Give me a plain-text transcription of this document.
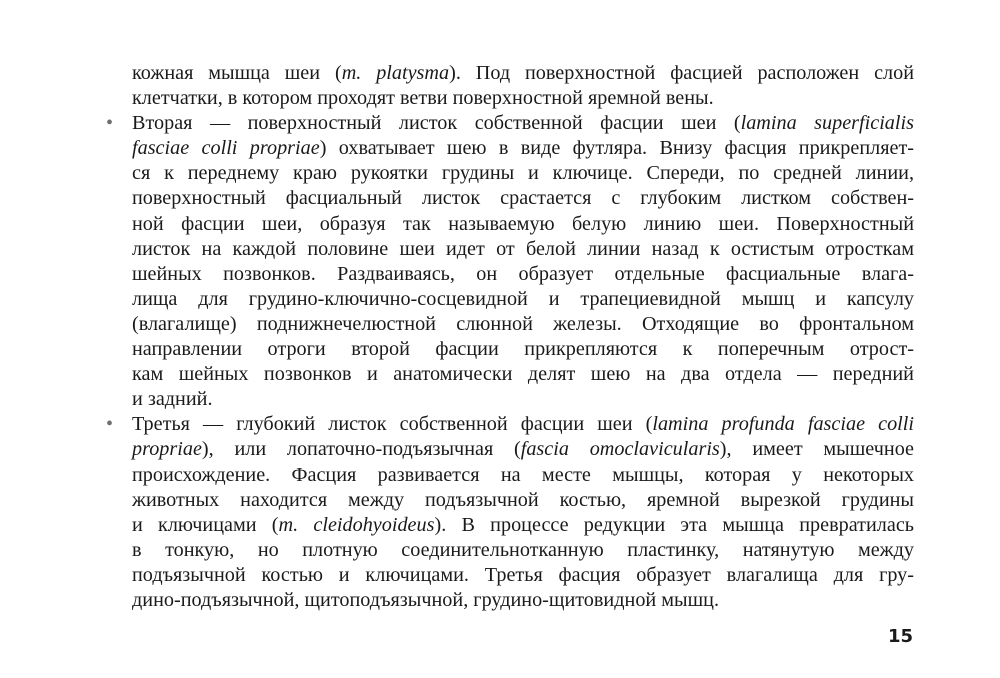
кожная мышца шеи (m. platysma). Под поверхностной фасцией расположен слой
клетчатки, в котором проходят ветви поверхностной яремной вены.
• Вторая — поверхностный листок собственной фасции шеи (lamina superficialis
fasciae colli propriae) охватывает шею в виде футляра. Внизу фасция прикрепляет-
ся к переднему краю рукоятки грудины и ключице. Спереди, по средней линии,
поверхностный фасциальный листок срастается с глубоким листком собствен-
ной фасции шеи, образуя так называемую белую линию шеи. Поверхностный
листок на каждой половине шеи идет от белой линии назад к остистым отросткам
шейных позвонков. Раздваиваясь, он образует отдельные фасциальные влага-
лища для грудино-ключично-сосцевидной и трапециевидной мышц и капсулу
(влагалище) поднижнечелюстной слюнной железы. Отходящие во фронтальном
направлении отроги второй фасции прикрепляются к поперечным отрост-
кам шейных позвонков и анатомически делят шею на два отдела — передний
и задний.
• Третья — глубокий листок собственной фасции шеи (lamina profunda fasciae colli
propriae), или лопаточно-подъязычная (fascia omoclavicularis), имеет мышечное
происхождение. Фасция развивается на месте мышцы, которая у некоторых
животных находится между подъязычной костью, яремной вырезкой грудины
и ключицами (m. cleidohyoideus). В процессе редукции эта мышца превратилась
в тонкую, но плотную соединительнотканную пластинку, натянутую между
подъязычной костью и ключицами. Третья фасция образует влагалища для гру-
дино-подъязычной, щитоподъязычной, грудино-щитовидной мышц.
15
